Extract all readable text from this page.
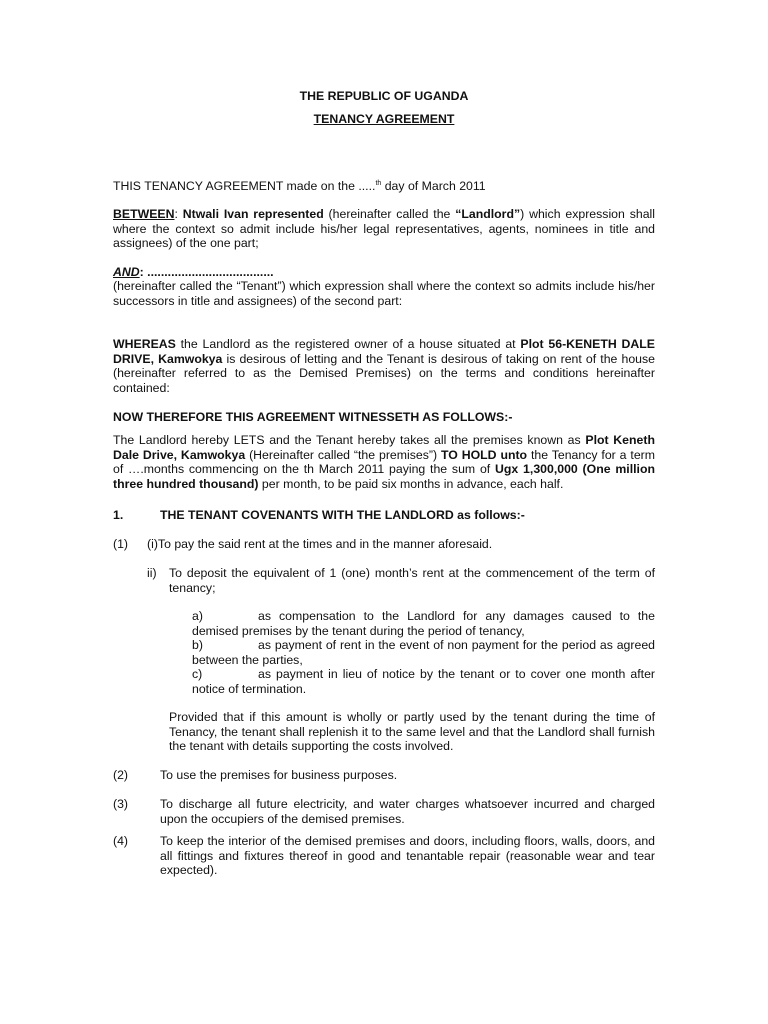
THE REPUBLIC OF UGANDA

TENANCY AGREEMENT

THIS TENANCY AGREEMENT made on the .....$^{th}$ day of March 2011

BETWEEN: Ntwali Ivan represented (hereinafter called the “Landlord”) which expression shall where the context so admit include his/her legal representatives, agents, nominees in title and assignees) of the one part;

AND: .....................................

(hereinafter called the “Tenant”) which expression shall where the context so admits include his/her successors in title and assignees) of the second part:

WHEREAS the Landlord as the registered owner of a house situated at Plot 56-KENETH DALE DRIVE, Kamwokya is desirous of letting and the Tenant is desirous of taking on rent of the house (hereinafter referred to as the Demised Premises) on the terms and conditions hereinafter contained:

NOW THEREFORE THIS AGREEMENT WITNESSETH AS FOLLOWS:-

The Landlord hereby LETS and the Tenant hereby takes all the premises known as Plot Keneth Dale Drive, Kamwokya (Hereinafter called “the premises”) TO HOLD unto the Tenancy for a term of ….months commencing on the th March 2011 paying the sum of Ugx 1,300,000 (One million three hundred thousand) per month, to be paid six months in advance, each half.

1.	THE TENANT COVENANTS WITH THE LANDLORD as follows:-

(1) (i)To pay the said rent at the times and in the manner aforesaid.

ii) To deposit the equivalent of 1 (one) month’s rent at the commencement of the term of tenancy;

a)	as compensation to the Landlord for any damages caused to the demised premises by the tenant during the period of tenancy,

b)	as payment of rent in the event of non payment for the period as agreed between the parties,

c)	as payment in lieu of notice by the tenant or to cover one month after notice of termination.

Provided that if this amount is wholly or partly used by the tenant during the time of Tenancy, the tenant shall replenish it to the same level and that the Landlord shall furnish the tenant with details supporting the costs involved.

(2)	To use the premises for business purposes.

(3)	To discharge all future electricity, and water charges whatsoever incurred and charged upon the occupiers of the demised premises.

(4)	To keep the interior of the demised premises and doors, including floors, walls, doors, and all fittings and fixtures thereof in good and tenantable repair (reasonable wear and tear expected).
